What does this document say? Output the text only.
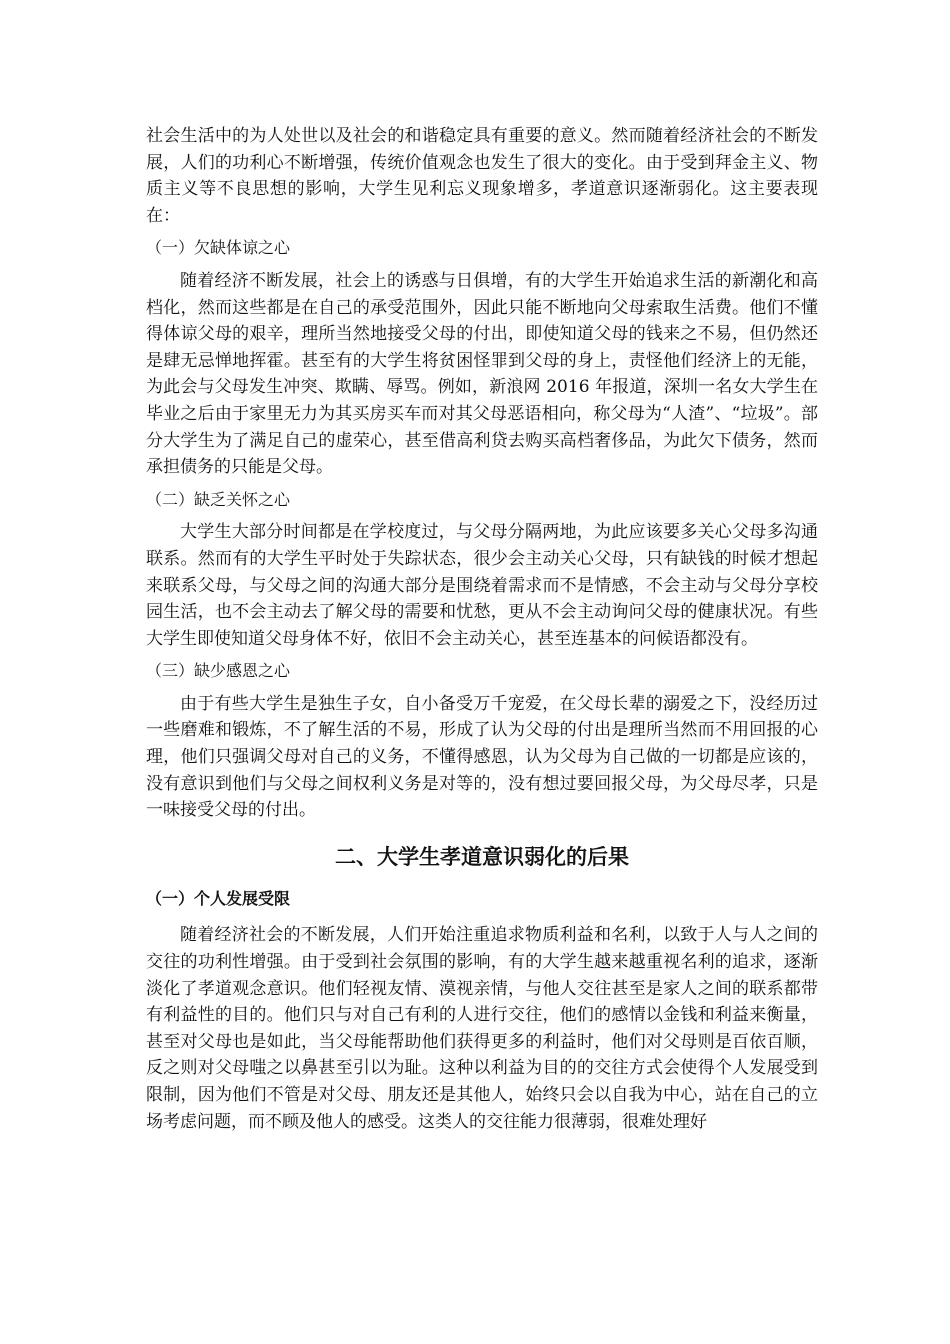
社会生活中的为人处世以及社会的和谐稳定具有重要的意义。然而随着经济社会的不断发展，人们的功利心不断增强，传统价值观念也发生了很大的变化。由于受到拜金主义、物质主义等不良思想的影响，大学生见利忘义现象增多，孝道意识逐渐弱化。这主要表现在：

（一）欠缺体谅之心

随着经济不断发展，社会上的诱惑与日俱增，有的大学生开始追求生活的新潮化和高档化，然而这些都是在自己的承受范围外，因此只能不断地向父母索取生活费。他们不懂得体谅父母的艰辛，理所当然地接受父母的付出，即使知道父母的钱来之不易，但仍然还是肆无忌惮地挥霍。甚至有的大学生将贫困怪罪到父母的身上，责怪他们经济上的无能，为此会与父母发生冲突、欺瞒、辱骂。例如，新浪网 2016 年报道，深圳一名女大学生在毕业之后由于家里无力为其买房买车而对其父母恶语相向，称父母为“人渣”、“垃圾”。部分大学生为了满足自己的虚荣心，甚至借高利贷去购买高档奢侈品，为此欠下债务，然而承担债务的只能是父母。

（二）缺乏关怀之心

大学生大部分时间都是在学校度过，与父母分隔两地，为此应该要多关心父母多沟通联系。然而有的大学生平时处于失踪状态，很少会主动关心父母，只有缺钱的时候才想起来联系父母，与父母之间的沟通大部分是围绕着需求而不是情感，不会主动与父母分享校园生活，也不会主动去了解父母的需要和忧愁，更从不会主动询问父母的健康状况。有些大学生即使知道父母身体不好，依旧不会主动关心，甚至连基本的问候语都没有。

（三）缺少感恩之心

由于有些大学生是独生子女，自小备受万千宠爱，在父母长辈的溺爱之下，没经历过一些磨难和锻炼，不了解生活的不易，形成了认为父母的付出是理所当然而不用回报的心理，他们只强调父母对自己的义务，不懂得感恩，认为父母为自己做的一切都是应该的，没有意识到他们与父母之间权利义务是对等的，没有想过要回报父母，为父母尽孝，只是一味接受父母的付出。

二、大学生孝道意识弱化的后果

（一）个人发展受限

随着经济社会的不断发展，人们开始注重追求物质利益和名利，以致于人与人之间的交往的功利性增强。由于受到社会氛围的影响，有的大学生越来越重视名利的追求，逐渐淡化了孝道观念意识。他们轻视友情、漠视亲情，与他人交往甚至是家人之间的联系都带有利益性的目的。他们只与对自己有利的人进行交往，他们的感情以金钱和利益来衡量，甚至对父母也是如此，当父母能帮助他们获得更多的利益时，他们对父母则是百依百顺，反之则对父母嗤之以鼻甚至引以为耻。这种以利益为目的的交往方式会使得个人发展受到限制，因为他们不管是对父母、朋友还是其他人，始终只会以自我为中心，站在自己的立场考虑问题，而不顾及他人的感受。这类人的交往能力很薄弱，很难处理好
